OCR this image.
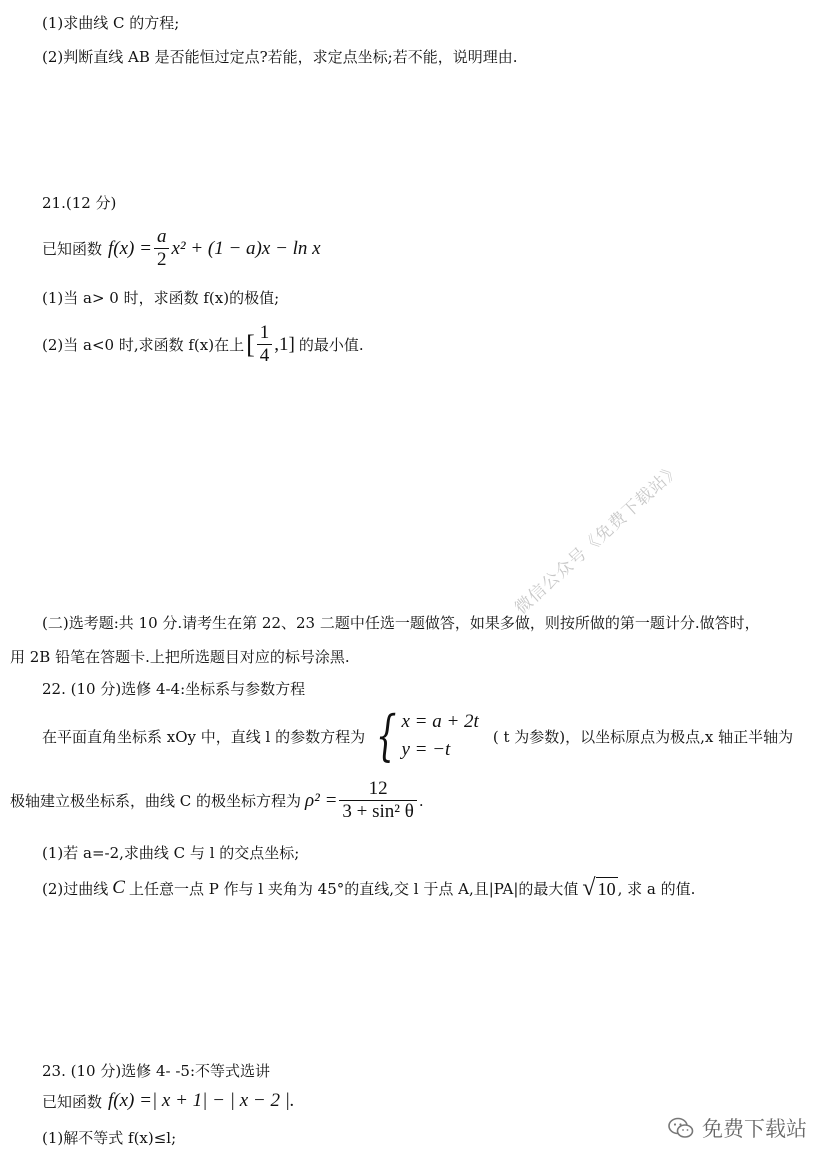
(1)求曲线 C 的方程;
(2)判断直线 AB 是否能恒过定点?若能，求定点坐标;若不能，说明理由.
21.(12 分)
已知函数 $f(x) = \frac{a}{2} x^2 + (1 - a)x - \ln x$
(1)当 a> 0 时，求函数 f(x)的极值;
(2)当 a<0 时,求函数 f(x)在上 [ $\frac{1}{4} ,1$] 的最小值.
(二)选考题:共 10 分.请考生在第 22、23 二题中任选一题做答，如果多做，则按所做的第一题计分.做答时，
用 2B 铅笔在答题卡.上把所选题目对应的标号涂黑.
22. (10 分)选修 4-4:坐标系与参数方程
在平面直角坐标系 xOy 中，直线 l 的参数方程为 { x = a + 2t
y = −t
( t 为参数)，以坐标原点为极点,x 轴正半轴为
极轴建立极坐标系，曲线 C 的极坐标方程为 $\rho^2 = \frac{12}{\text{3 + sin² θ}}$ .
(1)若 a=-2,求曲线 C 与 l 的交点坐标;
(2)过曲线 C 上任意一点 P 作与 l 夹角为 45°的直线,交 l 于点 A,且|PA|的最大值 √ 10 , 求 a 的值.
23. (10 分)选修 4- -5:不等式选讲
已知函数 f(x) =| x + 1| − | x − 2 |.
(1)解不等式 f(x)≤l;
微信公众号《免费下载站》
免费下载站
